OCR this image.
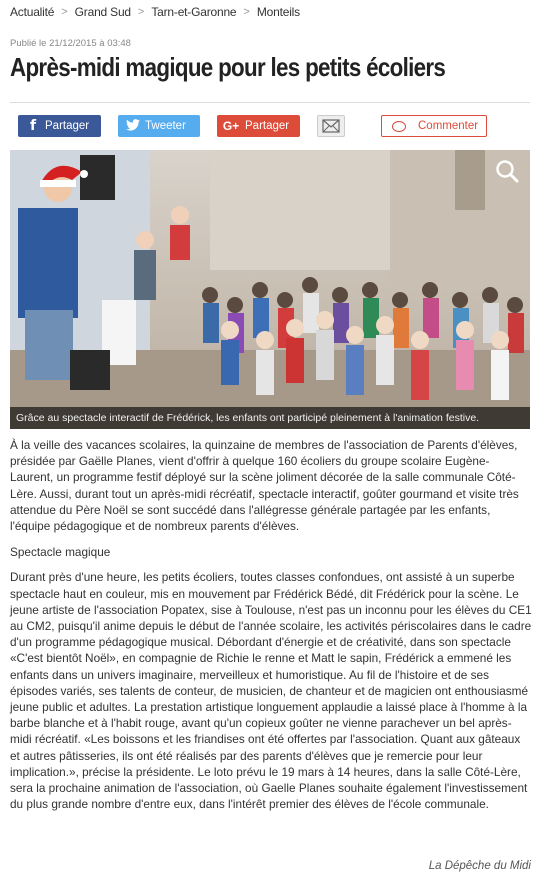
Actualité > Grand Sud > Tarn-et-Garonne > Monteils
Publié le 21/12/2015 à 03:48
Après-midi magique pour les petits écoliers
f Partager	Tweeter	G+ Partager	Commenter
Grâce au spectacle interactif de Frédérick, les enfants ont participé pleinement à l'animation festive.

À la veille des vacances scolaires, la quinzaine de membres de l'association de Parents d'élèves, présidée par Gaëlle Planes, vient d'offrir à quelque 160 écoliers du groupe scolaire Eugène-Laurent, un programme festif déployé sur la scène joliment décorée de la salle communale Côté-Lère. Aussi, durant tout un après-midi récréatif, spectacle interactif, goûter gourmand et visite très attendue du Père Noël se sont succédé dans l'allégresse générale partagée par les enfants, l'équipe pédagogique et de nombreux parents d'élèves.

Spectacle magique

Durant près d'une heure, les petits écoliers, toutes classes confondues, ont assisté à un superbe spectacle haut en couleur, mis en mouvement par Frédérick Bédé, dit Frédérick pour la scène. Le jeune artiste de l'association Popatex, sise à Toulouse, n'est pas un inconnu pour les élèves du CE1 au CM2, puisqu'il anime depuis le début de l'année scolaire, les activités périscolaires dans le cadre d'un programme pédagogique musical. Débordant d'énergie et de créativité, dans son spectacle «C'est bientôt Noël», en compagnie de Richie le renne et Matt le sapin, Frédérick a emmené les enfants dans un univers imaginaire, merveilleux et humoristique. Au fil de l'histoire et de ses épisodes variés, ses talents de conteur, de musicien, de chanteur et de magicien ont enthousiasmé jeune public et adultes. La prestation artistique longuement applaudie a laissé place à l'homme à la barbe blanche et à l'habit rouge, avant qu'un copieux goûter ne vienne parachever un bel après-midi récréatif. «Les boissons et les friandises ont été offertes par l'association. Quant aux gâteaux et autres pâtisseries, ils ont été réalisés par des parents d'élèves que je remercie pour leur implication.», précise la présidente. Le loto prévu le 19 mars à 14 heures, dans la salle Côté-Lère, sera la prochaine animation de l'association, où Gaelle Planes souhaite également l'investissement du plus grande nombre d'entre eux, dans l'intérêt premier des élèves de l'école communale.

La Dépêche du Midi
